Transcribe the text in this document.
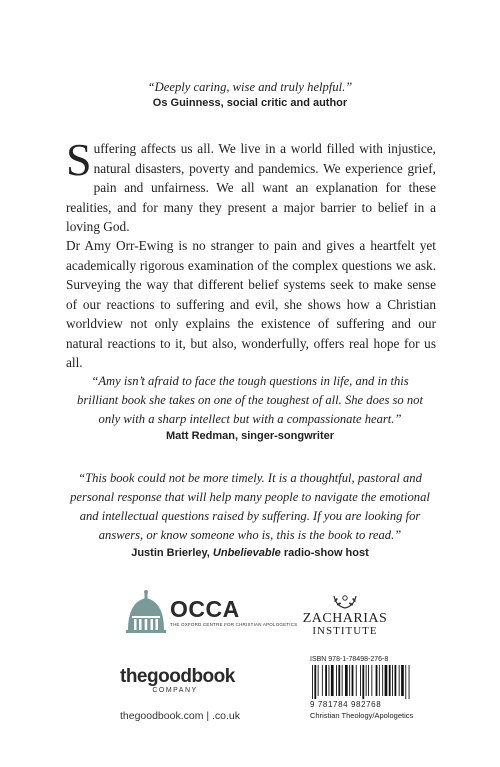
“Deeply caring, wise and truly helpful.”
Os Guinness, social critic and author
Suffering affects us all. We live in a world filled with injustice, natural disasters, poverty and pandemics. We experience grief, pain and unfairness. We all want an explanation for these realities, and for many they present a major barrier to belief in a loving God.
Dr Amy Orr-Ewing is no stranger to pain and gives a heartfelt yet academically rigorous examination of the complex questions we ask. Surveying the way that different belief systems seek to make sense of our reactions to suffering and evil, she shows how a Christian worldview not only explains the existence of suffering and our natural reactions to it, but also, wonderfully, offers real hope for us all.
“Amy isn’t afraid to face the tough questions in life, and in this brilliant book she takes on one of the toughest of all. She does so not only with a sharp intellect but with a compassionate heart.”
Matt Redman, singer-songwriter
“This book could not be more timely. It is a thoughtful, pastoral and personal response that will help many people to navigate the emotional and intellectual questions raised by suffering. If you are looking for answers, or know someone who is, this is the book to read.”
Justin Brierley, Unbelievable radio-show host
OCCA
THE OXFORD CENTRE FOR CHRISTIAN APOLOGETICS ZACHARIAS
INSTITUTE
thegoodbook
COMPANY
thegoodbook.com | .co.uk
ISBN 978-1-78498-276-8
9 781784 982768
Christian Theology/Apologetics
